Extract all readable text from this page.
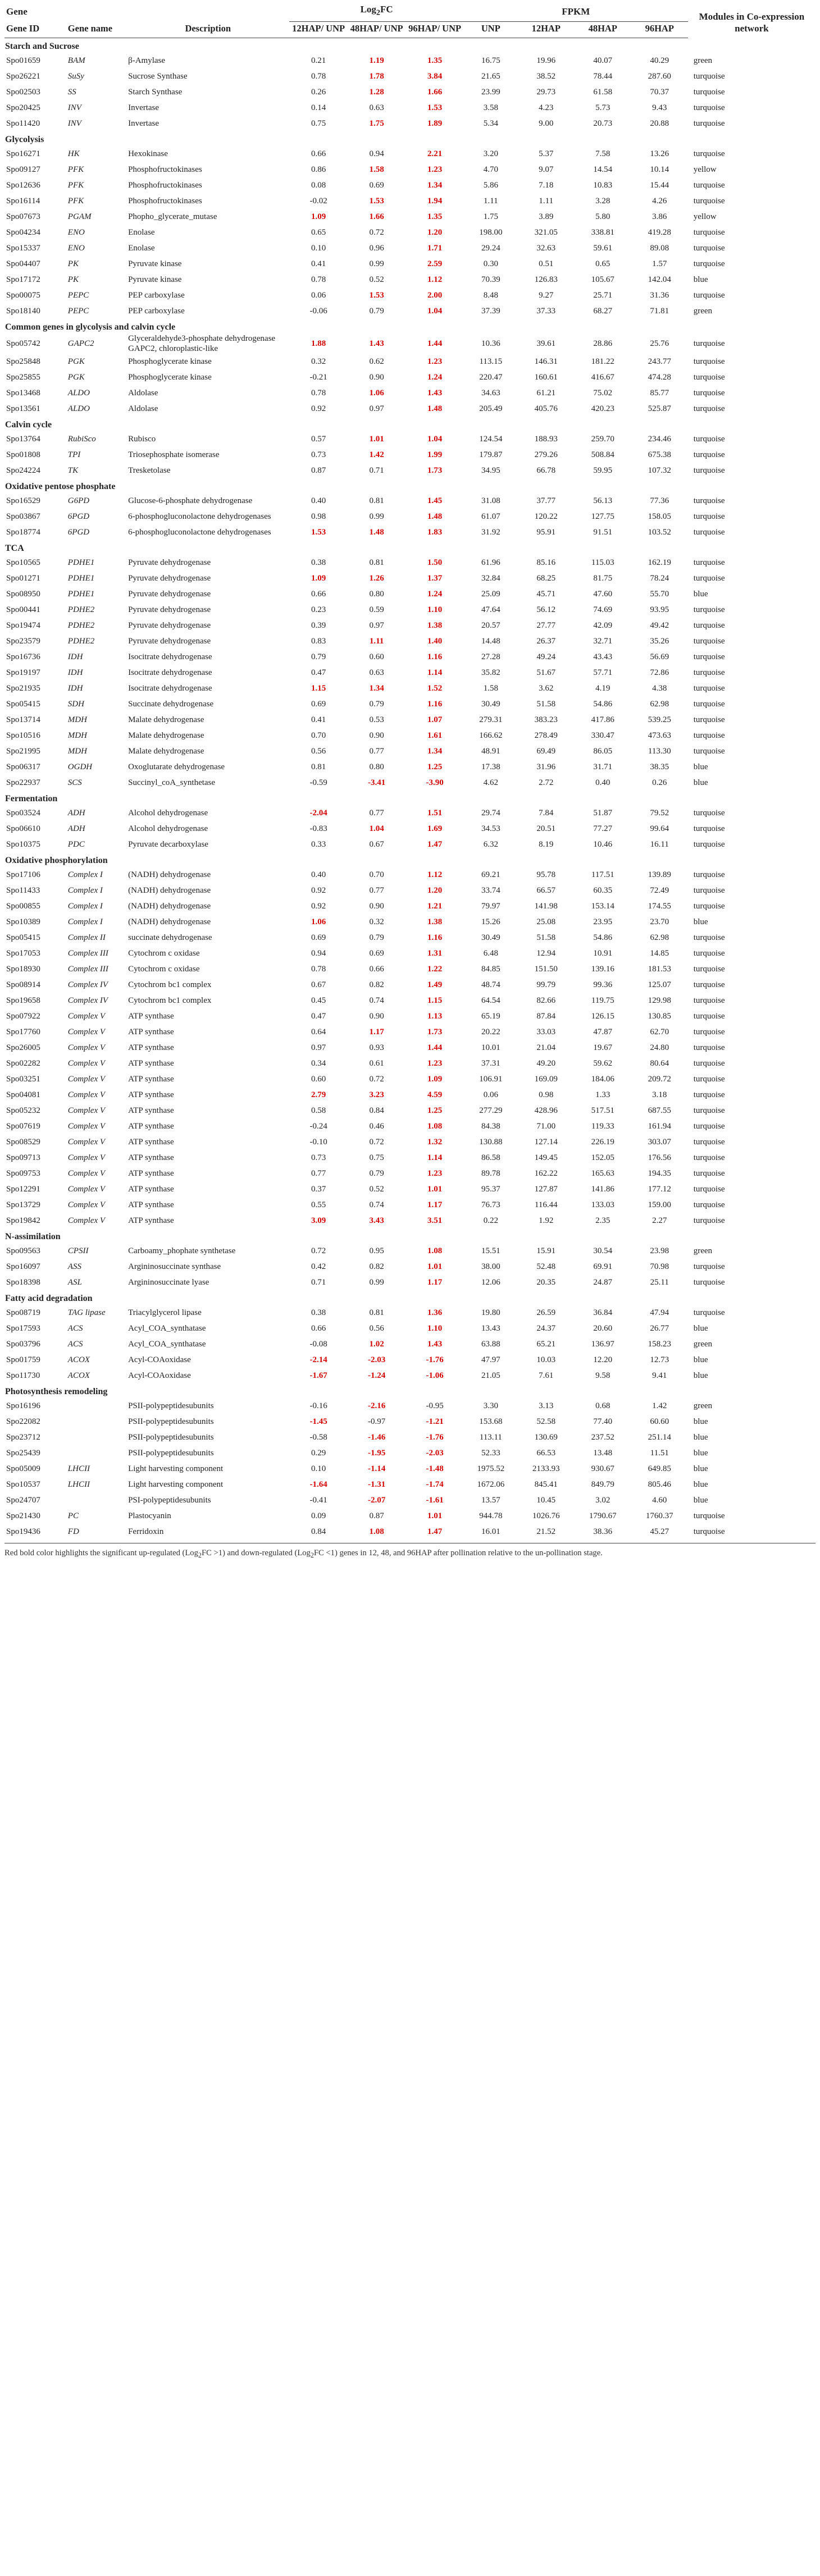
Gene			Log$_2$FC			FPKM				Modules in Co-expression network
Gene ID	Gene name	Description	12HAP/ UNP	48HAP/ UNP	96HAP/ UNP	UNP	12HAP	48HAP	96HAP	
Starch and Sucrose										
Spo01659	BAM	β-Amylase	0.21	1.19	1.35	16.75	19.96	40.07	40.29	green
Spo26221	SuSy	Sucrose Synthase	0.78	1.78	3.84	21.65	38.52	78.44	287.60	turquoise
Spo02503	SS	Starch Synthase	0.26	1.28	1.66	23.99	29.73	61.58	70.37	turquoise
Spo20425	INV	Invertase	0.14	0.63	1.53	3.58	4.23	5.73	9.43	turquoise
Spo11420	INV	Invertase	0.75	1.75	1.89	5.34	9.00	20.73	20.88	turquoise
Glycolysis										
Spo16271	HK	Hexokinase	0.66	0.94	2.21	3.20	5.37	7.58	13.26	turquoise
Spo09127	PFK	Phosphofructokinases	0.86	1.58	1.23	4.70	9.07	14.54	10.14	yellow
Spo12636	PFK	Phosphofructokinases	0.08	0.69	1.34	5.86	7.18	10.83	15.44	turquoise
Spo16114	PFK	Phosphofructokinases	-0.02	1.53	1.94	1.11	1.11	3.28	4.26	turquoise
Spo07673	PGAM	Phopho_glycerate_mutase	1.09	1.66	1.35	1.75	3.89	5.80	3.86	yellow
Spo04234	ENO	Enolase	0.65	0.72	1.20	198.00	321.05	338.81	419.28	turquoise
Spo15337	ENO	Enolase	0.10	0.96	1.71	29.24	32.63	59.61	89.08	turquoise
Spo04407	PK	Pyruvate kinase	0.41	0.99	2.59	0.30	0.51	0.65	1.57	turquoise
Spo17172	PK	Pyruvate kinase	0.78	0.52	1.12	70.39	126.83	105.67	142.04	blue
Spo00075	PEPC	PEP carboxylase	0.06	1.53	2.00	8.48	9.27	25.71	31.36	turquoise
Spo18140	PEPC	PEP carboxylase	-0.06	0.79	1.04	37.39	37.33	68.27	71.81	green
Common genes in glycolysis and calvin cycle										
Spo05742	GAPC2	Glyceraldehyde3-phosphate dehydrogenase GAPC2, chloroplastic-like	1.88	1.43	1.44	10.36	39.61	28.86	25.76	turquoise
Spo25848	PGK	Phosphoglycerate kinase	0.32	0.62	1.23	113.15	146.31	181.22	243.77	turquoise
Spo25855	PGK	Phosphoglycerate kinase	-0.21	0.90	1.24	220.47	160.61	416.67	474.28	turquoise
Spo13468	ALDO	Aldolase	0.78	1.06	1.43	34.63	61.21	75.02	85.77	turquoise
Spo13561	ALDO	Aldolase	0.92	0.97	1.48	205.49	405.76	420.23	525.87	turquoise
Calvin cycle										
Spo13764	RubiSco	Rubisco	0.57	1.01	1.04	124.54	188.93	259.70	234.46	turquoise
Spo01808	TPI	Triosephosphate isomerase	0.73	1.42	1.99	179.87	279.26	508.84	675.38	turquoise
Spo24224	TK	Tresketolase	0.87	0.71	1.73	34.95	66.78	59.95	107.32	turquoise
Oxidative pentose phosphate										
Spo16529	G6PD	Glucose-6-phosphate dehydrogenase	0.40	0.81	1.45	31.08	37.77	56.13	77.36	turquoise
Spo03867	6PGD	6-phosphogluconolactone dehydrogenases	0.98	0.99	1.48	61.07	120.22	127.75	158.05	turquoise
Spo18774	6PGD	6-phosphogluconolactone dehydrogenases	1.53	1.48	1.83	31.92	95.91	91.51	103.52	turquoise
TCA										
Spo10565	PDHE1	Pyruvate dehydrogenase	0.38	0.81	1.50	61.96	85.16	115.03	162.19	turquoise
Spo01271	PDHE1	Pyruvate dehydrogenase	1.09	1.26	1.37	32.84	68.25	81.75	78.24	turquoise
Spo08950	PDHE1	Pyruvate dehydrogenase	0.66	0.80	1.24	25.09	45.71	47.60	55.70	blue
Spo00441	PDHE2	Pyruvate dehydrogenase	0.23	0.59	1.10	47.64	56.12	74.69	93.95	turquoise
Spo19474	PDHE2	Pyruvate dehydrogenase	0.39	0.97	1.38	20.57	27.77	42.09	49.42	turquoise
Spo23579	PDHE2	Pyruvate dehydrogenase	0.83	1.11	1.40	14.48	26.37	32.71	35.26	turquoise
Spo16736	IDH	Isocitrate dehydrogenase	0.79	0.60	1.16	27.28	49.24	43.43	56.69	turquoise
Spo19197	IDH	Isocitrate dehydrogenase	0.47	0.63	1.14	35.82	51.67	57.71	72.86	turquoise
Spo21935	IDH	Isocitrate dehydrogenase	1.15	1.34	1.52	1.58	3.62	4.19	4.38	turquoise
Spo05415	SDH	Succinate dehydrogenase	0.69	0.79	1.16	30.49	51.58	54.86	62.98	turquoise
Spo13714	MDH	Malate dehydrogenase	0.41	0.53	1.07	279.31	383.23	417.86	539.25	turquoise
Spo10516	MDH	Malate dehydrogenase	0.70	0.90	1.61	166.62	278.49	330.47	473.63	turquoise
Spo21995	MDH	Malate dehydrogenase	0.56	0.77	1.34	48.91	69.49	86.05	113.30	turquoise
Spo06317	OGDH	Oxoglutarate dehydrogenase	0.81	0.80	1.25	17.38	31.96	31.71	38.35	blue
Spo22937	SCS	Succinyl_coA_synthetase	-0.59	-3.41	-3.90	4.62	2.72	0.40	0.26	blue
Fermentation										
Spo03524	ADH	Alcohol dehydrogenase	-2.04	0.77	1.51	29.74	7.84	51.87	79.52	turquoise
Spo06610	ADH	Alcohol dehydrogenase	-0.83	1.04	1.69	34.53	20.51	77.27	99.64	turquoise
Spo10375	PDC	Pyruvate decarboxylase	0.33	0.67	1.47	6.32	8.19	10.46	16.11	turquoise
Oxidative phosphorylation										
Spo17106	Complex I	(NADH) dehydrogenase	0.40	0.70	1.12	69.21	95.78	117.51	139.89	turquoise
Spo11433	Complex I	(NADH) dehydrogenase	0.92	0.77	1.20	33.74	66.57	60.35	72.49	turquoise
Spo00855	Complex I	(NADH) dehydrogenase	0.92	0.90	1.21	79.97	141.98	153.14	174.55	turquoise
Spo10389	Complex I	(NADH) dehydrogenase	1.06	0.32	1.38	15.26	25.08	23.95	23.70	blue
Spo05415	Complex II	succinate dehydrogenase	0.69	0.79	1.16	30.49	51.58	54.86	62.98	turquoise
Spo17053	Complex III	Cytochrom c oxidase	0.94	0.69	1.31	6.48	12.94	10.91	14.85	turquoise
Spo18930	Complex III	Cytochrom c oxidase	0.78	0.66	1.22	84.85	151.50	139.16	181.53	turquoise
Spo08914	Complex IV	Cytochrom bc1 complex	0.67	0.82	1.49	48.74	99.79	99.36	125.07	turquoise
Spo19658	Complex IV	Cytochrom bc1 complex	0.45	0.74	1.15	64.54	82.66	119.75	129.98	turquoise
Spo07922	Complex V	ATP synthase	0.47	0.90	1.13	65.19	87.84	126.15	130.85	turquoise
Spo17760	Complex V	ATP synthase	0.64	1.17	1.73	20.22	33.03	47.87	62.70	turquoise
Spo26005	Complex V	ATP synthase	0.97	0.93	1.44	10.01	21.04	19.67	24.80	turquoise
Spo02282	Complex V	ATP synthase	0.34	0.61	1.23	37.31	49.20	59.62	80.64	turquoise
Spo03251	Complex V	ATP synthase	0.60	0.72	1.09	106.91	169.09	184.06	209.72	turquoise
Spo04081	Complex V	ATP synthase	2.79	3.23	4.59	0.06	0.98	1.33	3.18	turquoise
Spo05232	Complex V	ATP synthase	0.58	0.84	1.25	277.29	428.96	517.51	687.55	turquoise
Spo07619	Complex V	ATP synthase	-0.24	0.46	1.08	84.38	71.00	119.33	161.94	turquoise
Spo08529	Complex V	ATP synthase	-0.10	0.72	1.32	130.88	127.14	226.19	303.07	turquoise
Spo09713	Complex V	ATP synthase	0.73	0.75	1.14	86.58	149.45	152.05	176.56	turquoise
Spo09753	Complex V	ATP synthase	0.77	0.79	1.23	89.78	162.22	165.63	194.35	turquoise
Spo12291	Complex V	ATP synthase	0.37	0.52	1.01	95.37	127.87	141.86	177.12	turquoise
Spo13729	Complex V	ATP synthase	0.55	0.74	1.17	76.73	116.44	133.03	159.00	turquoise
Spo19842	Complex V	ATP synthase	3.09	3.43	3.51	0.22	1.92	2.35	2.27	turquoise
N-assimilation										
Spo09563	CPSII	Carboamy_phophate synthetase	0.72	0.95	1.08	15.51	15.91	30.54	23.98	green
Spo16097	ASS	Argininosuccinate synthase	0.42	0.82	1.01	38.00	52.48	69.91	70.98	turquoise
Spo18398	ASL	Argininosuccinate lyase	0.71	0.99	1.17	12.06	20.35	24.87	25.11	turquoise
Fatty acid degradation										
Spo08719	TAG lipase	Triacylglycerol lipase	0.38	0.81	1.36	19.80	26.59	36.84	47.94	turquoise
Spo17593	ACS	Acyl_COA_synthatase	0.66	0.56	1.10	13.43	24.37	20.60	26.77	blue
Spo03796	ACS	Acyl_COA_synthatase	-0.08	1.02	1.43	63.88	65.21	136.97	158.23	green
Spo01759	ACOX	Acyl-COAoxidase	-2.14	-2.03	-1.76	47.97	10.03	12.20	12.73	blue
Spo11730	ACOX	Acyl-COAoxidase	-1.67	-1.24	-1.06	21.05	7.61	9.58	9.41	blue
Photosynthesis remodeling										
Spo16196		PSII-polypeptidesubunits	-0.16	-2.16	-0.95	3.30	3.13	0.68	1.42	green
Spo22082		PSII-polypeptidesubunits	-1.45	-0.97	-1.21	153.68	52.58	77.40	60.60	blue
Spo23712		PSII-polypeptidesubunits	-0.58	-1.46	-1.76	113.11	130.69	237.52	251.14	blue
Spo25439		PSII-polypeptidesubunits	0.29	-1.95	-2.03	52.33	66.53	13.48	11.51	blue
Spo05009	LHCII	Light harvesting component	0.10	-1.14	-1.48	1975.52	2133.93	930.67	649.85	blue
Spo10537	LHCII	Light harvesting component	-1.64	-1.31	-1.74	1672.06	845.41	849.79	805.46	blue
Spo24707		PSI-polypeptidesubunits	-0.41	-2.07	-1.61	13.57	10.45	3.02	4.60	blue
Spo21430	PC	Plastocyanin	0.09	0.87	1.01	944.78	1026.76	1790.67	1760.37	turquoise
Spo19436	FD	Ferridoxin	0.84	1.08	1.47	16.01	21.52	38.36	45.27	turquoise
Red bold color highlights the significant up-regulated (Log$_2$FC >1) and down-regulated (Log$_2$FC <1) genes in 12, 48, and 96HAP after pollination relative to the un-pollination stage.
